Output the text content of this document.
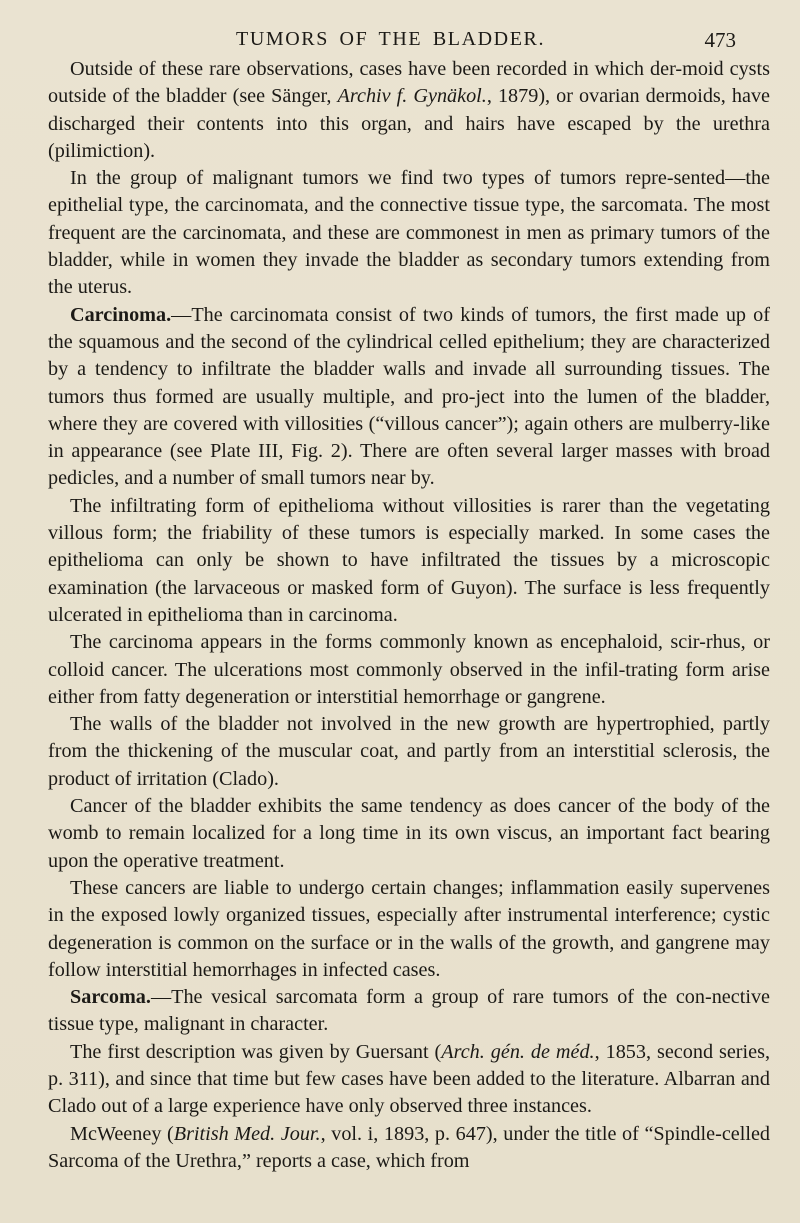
TUMORS OF THE BLADDER.	473

Outside of these rare observations, cases have been recorded in which der-moid cysts outside of the bladder (see Sänger, Archiv f. Gynäkol., 1879), or ovarian dermoids, have discharged their contents into this organ, and hairs have escaped by the urethra (pilimiction).

In the group of malignant tumors we find two types of tumors repre-sented—the epithelial type, the carcinomata, and the connective tissue type, the sarcomata. The most frequent are the carcinomata, and these are commonest in men as primary tumors of the bladder, while in women they invade the bladder as secondary tumors extending from the uterus.

Carcinoma.—The carcinomata consist of two kinds of tumors, the first made up of the squamous and the second of the cylindrical celled epithelium; they are characterized by a tendency to infiltrate the bladder walls and invade all surrounding tissues. The tumors thus formed are usually multiple, and pro-ject into the lumen of the bladder, where they are covered with villosities (“villous cancer”); again others are mulberry-like in appearance (see Plate III, Fig. 2). There are often several larger masses with broad pedicles, and a number of small tumors near by.

The infiltrating form of epithelioma without villosities is rarer than the vegetating villous form; the friability of these tumors is especially marked. In some cases the epithelioma can only be shown to have infiltrated the tissues by a microscopic examination (the larvaceous or masked form of Guyon). The surface is less frequently ulcerated in epithelioma than in carcinoma.

The carcinoma appears in the forms commonly known as encephaloid, scir-rhus, or colloid cancer. The ulcerations most commonly observed in the infil-trating form arise either from fatty degeneration or interstitial hemorrhage or gangrene.

The walls of the bladder not involved in the new growth are hypertrophied, partly from the thickening of the muscular coat, and partly from an interstitial sclerosis, the product of irritation (Clado).

Cancer of the bladder exhibits the same tendency as does cancer of the body of the womb to remain localized for a long time in its own viscus, an important fact bearing upon the operative treatment.

These cancers are liable to undergo certain changes; inflammation easily supervenes in the exposed lowly organized tissues, especially after instrumental interference; cystic degeneration is common on the surface or in the walls of the growth, and gangrene may follow interstitial hemorrhages in infected cases.

Sarcoma.—The vesical sarcomata form a group of rare tumors of the con-nective tissue type, malignant in character.

The first description was given by Guersant (Arch. gén. de méd., 1853, second series, p. 311), and since that time but few cases have been added to the literature. Albarran and Clado out of a large experience have only observed three instances.

McWeeney (British Med. Jour., vol. i, 1893, p. 647), under the title of “Spindle-celled Sarcoma of the Urethra,” reports a case, which from
